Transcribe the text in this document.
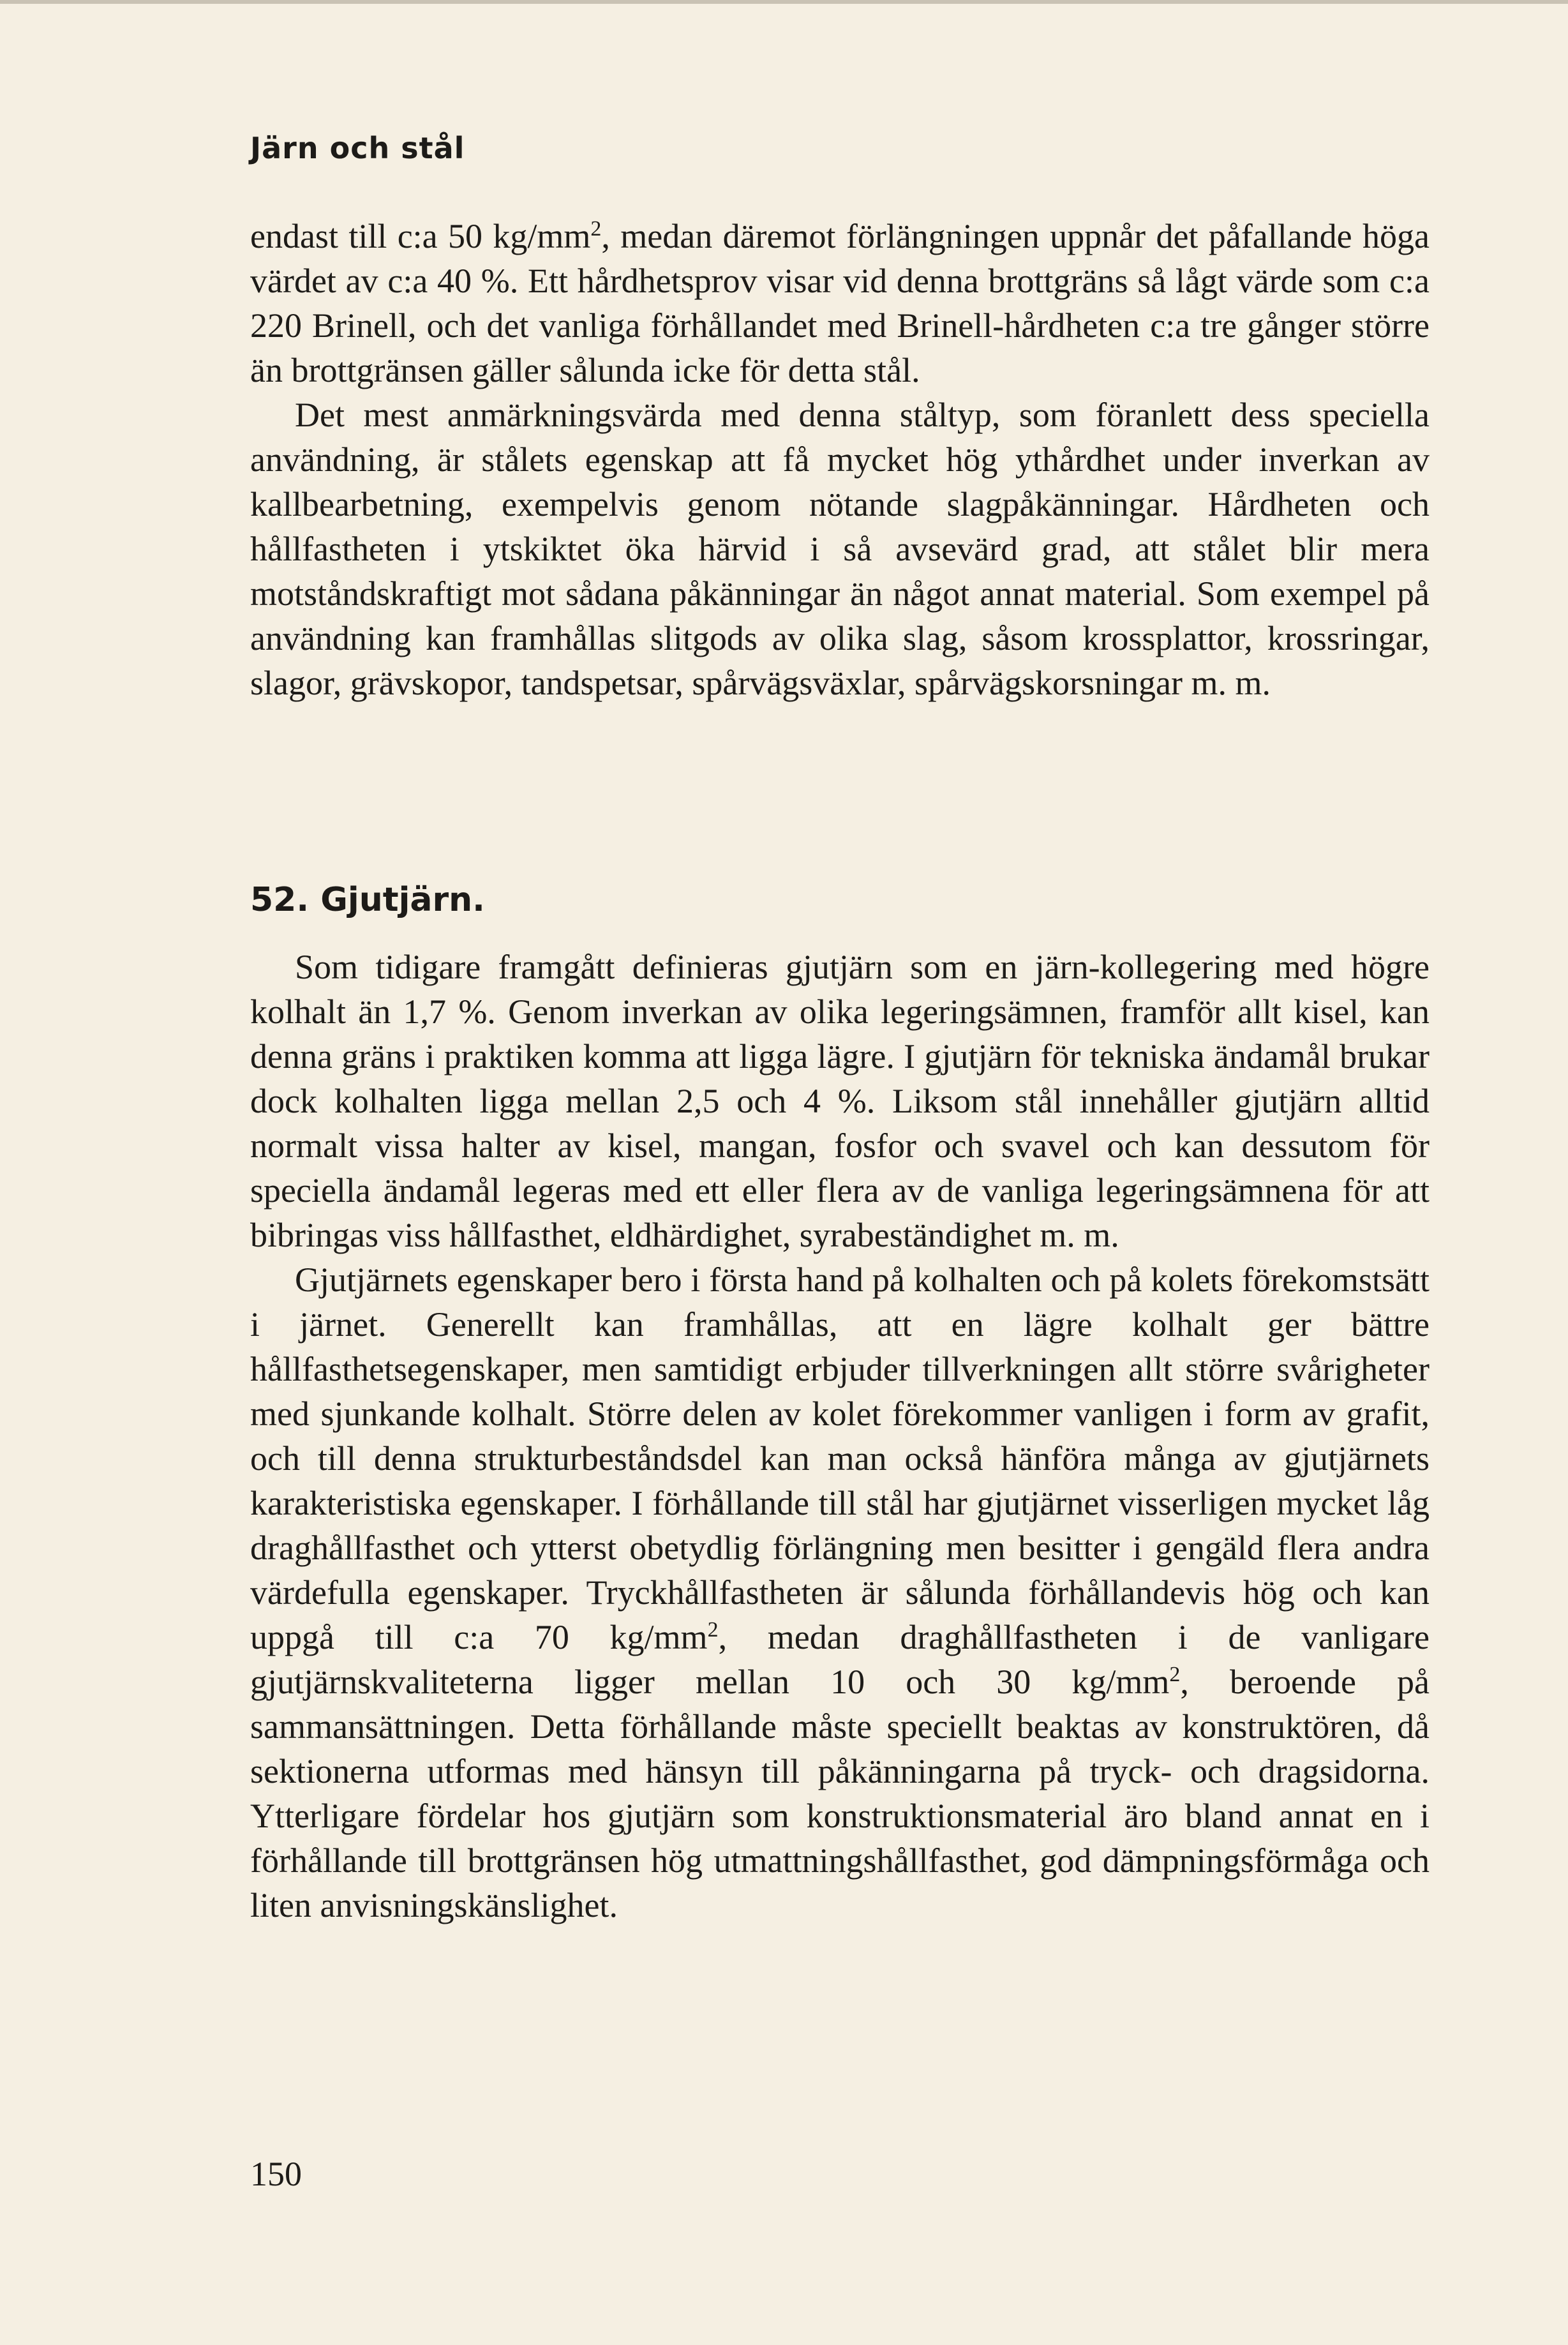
Järn och stål

endast till c:a 50 $kg/mm^2$, medan däremot förlängningen uppnår det påfallande höga värdet av c:a 40 %. Ett hårdhetsprov visar vid denna brottgräns så lågt värde som c:a 220 Brinell, och det vanliga förhållandet med Brinell-hårdheten c:a tre gånger större än brottgränsen gäller sålunda icke för detta stål.

Det mest anmärkningsvärda med denna ståltyp, som föranlett dess speciella användning, är stålets egenskap att få mycket hög ythårdhet under inverkan av kallbearbetning, exempelvis genom nötande slagpåkänningar. Hårdheten och hållfastheten i ytskiktet öka härvid i så avsevärd grad, att stålet blir mera motståndskraftigt mot sådana påkänningar än något annat material. Som exempel på användning kan framhållas slitgods av olika slag, såsom krossplattor, krossringar, slagor, grävskopor, tandspetsar, spårvägsväxlar, spårvägskorsningar m. m.

52. Gjutjärn.

Som tidigare framgått definieras gjutjärn som en järn-kollegering med högre kolhalt än 1,7 %. Genom inverkan av olika legeringsämnen, framför allt kisel, kan denna gräns i praktiken komma att ligga lägre. I gjutjärn för tekniska ändamål brukar dock kolhalten ligga mellan 2,5 och 4 %. Liksom stål innehåller gjutjärn alltid normalt vissa halter av kisel, mangan, fosfor och svavel och kan dessutom för speciella ändamål legeras med ett eller flera av de vanliga legeringsämnena för att bibringas viss hållfasthet, eldhärdighet, syrabeständighet m. m.

Gjutjärnets egenskaper bero i första hand på kolhalten och på kolets förekomstsätt i järnet. Generellt kan framhållas, att en lägre kolhalt ger bättre hållfasthetsegenskaper, men samtidigt erbjuder tillverkningen allt större svårigheter med sjunkande kolhalt. Större delen av kolet förekommer vanligen i form av grafit, och till denna strukturbeståndsdel kan man också hänföra många av gjutjärnets karakteristiska egenskaper. I förhållande till stål har gjutjärnet visserligen mycket låg draghållfasthet och ytterst obetydlig förlängning men besitter i gengäld flera andra värdefulla egenskaper. Tryckhållfastheten är sålunda förhållandevis hög och kan uppgå till c:a 70 $kg/mm^2$, medan draghållfastheten i de vanligare gjutjärnskvaliteterna ligger mellan 10 och 30 $kg/mm^2$, beroende på sammansättningen. Detta förhållande måste speciellt beaktas av konstruktören, då sektionerna utformas med hänsyn till påkänningarna på tryck- och dragsidorna. Ytterligare fördelar hos gjutjärn som konstruktionsmaterial äro bland annat en i förhållande till brottgränsen hög utmattningshållfasthet, god dämpningsförmåga och liten anvisningskänslighet.

150
